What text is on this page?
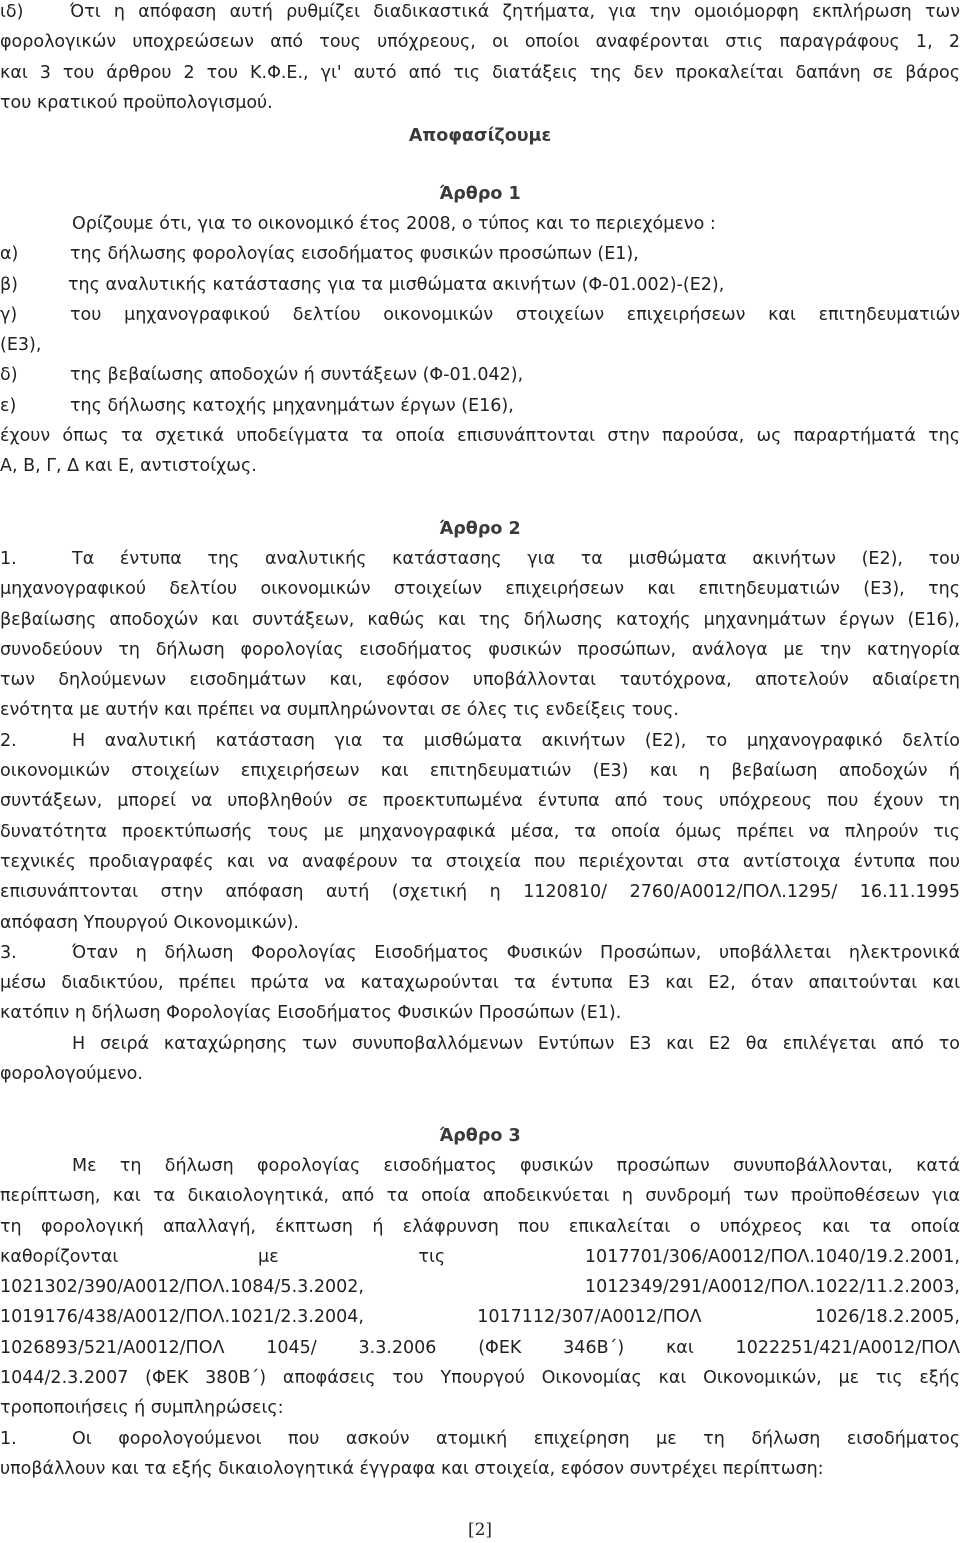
ιδ)	Ότι η απόφαση αυτή ρυθμίζει διαδικαστικά ζητήματα, για την ομοιόμορφη εκπλήρωση των

φορολογικών υποχρεώσεων από τους υπόχρεους, οι οποίοι αναφέρονται στις παραγράφους 1, 2

και 3 του άρθρου 2 του Κ.Φ.Ε., γι' αυτό από τις διατάξεις της δεν προκαλείται δαπάνη σε βάρος

του κρατικού προϋπολογισμού.

Αποφασίζουμε
Άρθρο 1

Ορίζουμε ότι, για το οικονομικό έτος 2008, ο τύπος και το περιεχόμενο :

α)	της δήλωσης φορολογίας εισοδήματος φυσικών προσώπων (Ε1),

β)	της αναλυτικής κατάστασης για τα μισθώματα ακινήτων (Φ-01.002)-(Ε2),

γ)	του μηχανογραφικού δελτίου οικονομικών στοιχείων επιχειρήσεων και επιτηδευματιών

(Ε3),

δ)	της βεβαίωσης αποδοχών ή συντάξεων (Φ-01.042),

ε)	της δήλωσης κατοχής μηχανημάτων έργων (Ε16),

έχουν όπως τα σχετικά υποδείγματα τα οποία επισυνάπτονται στην παρούσα, ως παραρτήματά της

Α, Β, Γ, Δ και Ε, αντιστοίχως.

Άρθρο 2

1.	Τα έντυπα της αναλυτικής κατάστασης για τα μισθώματα ακινήτων (Ε2), του

μηχανογραφικού δελτίου οικονομικών στοιχείων επιχειρήσεων και επιτηδευματιών (Ε3), της

βεβαίωσης αποδοχών και συντάξεων, καθώς και της δήλωσης κατοχής μηχανημάτων έργων (Ε16),

συνοδεύουν τη δήλωση φορολογίας εισοδήματος φυσικών προσώπων, ανάλογα με την κατηγορία

των δηλούμενων εισοδημάτων και, εφόσον υποβάλλονται ταυτόχρονα, αποτελούν αδιαίρετη

ενότητα με αυτήν και πρέπει να συμπληρώνονται σε όλες τις ενδείξεις τους.

2.	Η αναλυτική κατάσταση για τα μισθώματα ακινήτων (Ε2), το μηχανογραφικό δελτίο

οικονομικών στοιχείων επιχειρήσεων και επιτηδευματιών (Ε3) και η βεβαίωση αποδοχών ή

συντάξεων, μπορεί να υποβληθούν σε προεκτυπωμένα έντυπα από τους υπόχρεους που έχουν τη

δυνατότητα προεκτύπωσής τους με μηχανογραφικά μέσα, τα οποία όμως πρέπει να πληρούν τις

τεχνικές προδιαγραφές και να αναφέρουν τα στοιχεία που περιέχονται στα αντίστοιχα έντυπα που

επισυνάπτονται στην απόφαση αυτή (σχετική η 1120810/ 2760/Α0012/ΠΟΛ.1295/ 16.11.1995

απόφαση Υπουργού Οικονομικών).

3.	Όταν η δήλωση Φορολογίας Εισοδήματος Φυσικών Προσώπων, υποβάλλεται ηλεκτρονικά

μέσω διαδικτύου, πρέπει πρώτα να καταχωρούνται τα έντυπα Ε3 και Ε2, όταν απαιτούνται και

κατόπιν η δήλωση Φορολογίας Εισοδήματος Φυσικών Προσώπων (Ε1).

Η σειρά καταχώρησης των συνυποβαλλόμενων Εντύπων Ε3 και Ε2 θα επιλέγεται από το

φορολογούμενο.

Άρθρο 3

Με τη δήλωση φορολογίας εισοδήματος φυσικών προσώπων συνυποβάλλονται, κατά

περίπτωση, και τα δικαιολογητικά, από τα οποία αποδεικνύεται η συνδρομή των προϋποθέσεων για

τη φορολογική απαλλαγή, έκπτωση ή ελάφρυνση που επικαλείται ο υπόχρεος και τα οποία

καθορίζονται με τις 1017701/306/Α0012/ΠΟΛ.1040/19.2.2001,

1021302/390/Α0012/ΠΟΛ.1084/5.3.2002, 1012349/291/Α0012/ΠΟΛ.1022/11.2.2003,

1019176/438/Α0012/ΠΟΛ.1021/2.3.2004, 1017112/307/Α0012/ΠΟΛ 1026/18.2.2005,

1026893/521/Α0012/ΠΟΛ 1045/ 3.3.2006 (ΦΕΚ 346Β΄) και 1022251/421/Α0012/ΠΟΛ

1044/2.3.2007 (ΦΕΚ 380Β΄) αποφάσεις του Υπουργού Οικονομίας και Οικονομικών, με τις εξής

τροποποιήσεις ή συμπληρώσεις:

1.	Οι φορολογούμενοι που ασκούν ατομική επιχείρηση με τη δήλωση εισοδήματος

υποβάλλουν και τα εξής δικαιολογητικά έγγραφα και στοιχεία, εφόσον συντρέχει περίπτωση:

[2]
